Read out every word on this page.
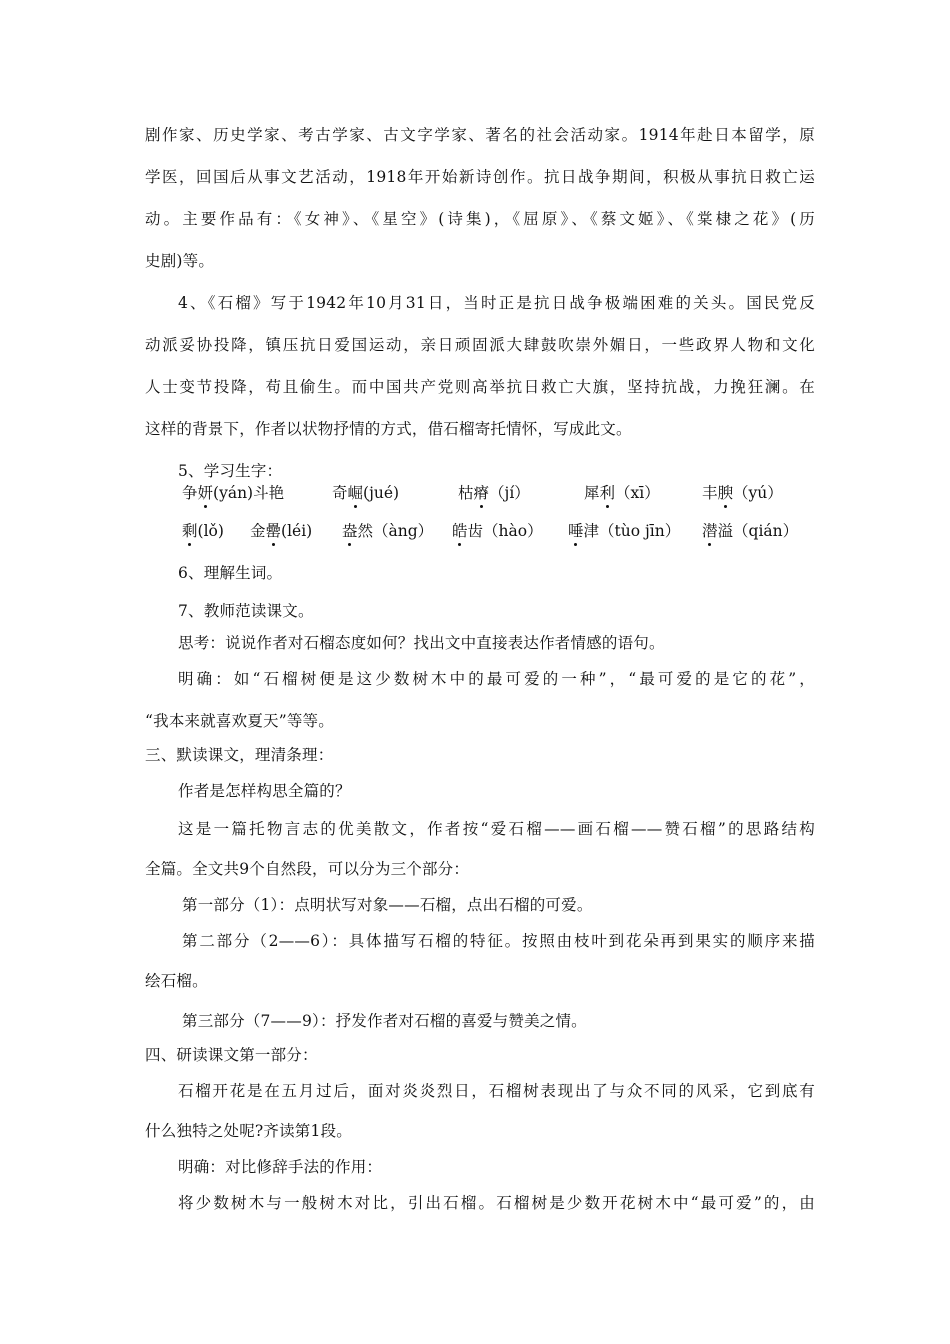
剧作家、历史学家、考古学家、古文字学家、著名的社会活动家。1914年赴日本留学，原
学医，回国后从事文艺活动，1918年开始新诗创作。抗日战争期间，积极从事抗日救亡运
动。主要作品有：《女神》、《星空》(诗集)，《屈原》、《蔡文姬》、《棠棣之花》(历
史剧)等。
4、《石榴》写于1942年10月31日，当时正是抗日战争极端困难的关头。国民党反
动派妥协投降，镇压抗日爱国运动，亲日顽固派大肆鼓吹崇外媚日，一些政界人物和文化
人士变节投降，苟且偷生。而中国共产党则高举抗日救亡大旗，坚持抗战，力挽狂澜。在
这样的背景下，作者以状物抒情的方式，借石榴寄托情怀，写成此文。
5、学习生字：
争妍(yán)斗艳	奇崛(jué)	枯瘠（jí）	犀利（xī）	丰腴（yú）
剩(lǒ) 金罍(léi) 盎然（àng） 皓齿（hào） 唾津（tùo jīn） 潜溢（qián）
6、理解生词。
7、教师范读课文。
思考：说说作者对石榴态度如何？找出文中直接表达作者情感的语句。
明确：如“石榴树便是这少数树木中的最可爱的一种”，“最可爱的是它的花”，
“我本来就喜欢夏天”等等。
三、默读课文，理清条理：
作者是怎样构思全篇的？
这是一篇托物言志的优美散文，作者按“爱石榴——画石榴——赞石榴”的思路结构
全篇。全文共9个自然段，可以分为三个部分：
第一部分（1）：点明状写对象——石榴，点出石榴的可爱。
第二部分（2——6）：具体描写石榴的特征。按照由枝叶到花朵再到果实的顺序来描
绘石榴。
第三部分（7——9）：抒发作者对石榴的喜爱与赞美之情。
四、研读课文第一部分：
石榴开花是在五月过后，面对炎炎烈日，石榴树表现出了与众不同的风采，它到底有
什么独特之处呢?齐读第1段。
明确：对比修辞手法的作用：
将少数树木与一般树木对比，引出石榴。石榴树是少数开花树木中“最可爱”的，由
